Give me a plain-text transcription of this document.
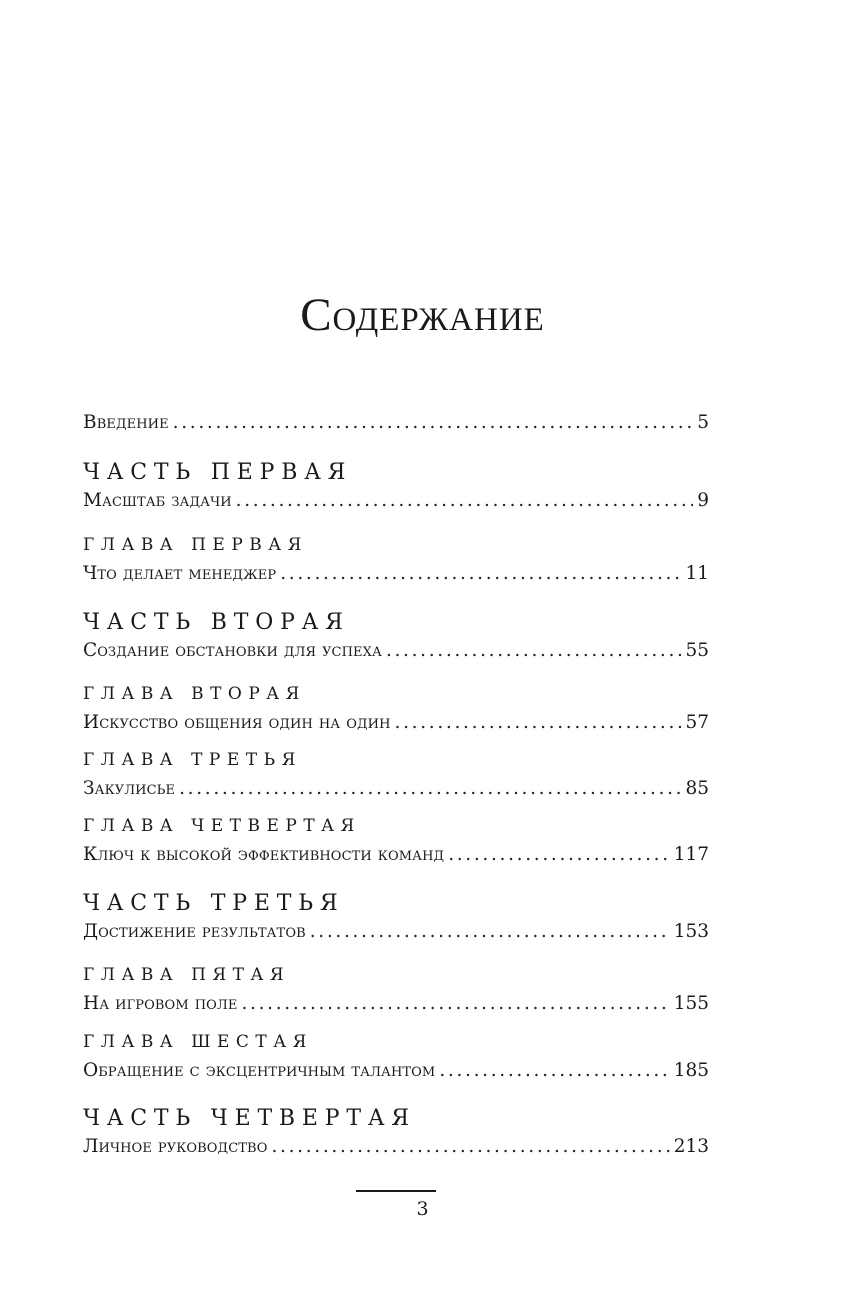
Содержание
Введение . . .	5
ЧАСТЬ ПЕРВАЯ
Масштаб задачи . . .	9
ГЛАВА ПЕРВАЯ
Что делает менеджер . . .	11
ЧАСТЬ ВТОРАЯ
Создание обстановки для успеха . . .	55
ГЛАВА ВТОРАЯ
Искусство общения один на один . . .	57
ГЛАВА ТРЕТЬЯ
Закулисье . . .	85
ГЛАВА ЧЕТВЕРТАЯ
Ключ к высокой эффективности команд . . .	117
ЧАСТЬ ТРЕТЬЯ
Достижение результатов . . .	153
ГЛАВА ПЯТАЯ
На игровом поле . . .	155
ГЛАВА ШЕСТАЯ
Обращение с эксцентричным талантом . . .	185
ЧАСТЬ ЧЕТВЕРТАЯ
Личное руководство . . .	213
3
